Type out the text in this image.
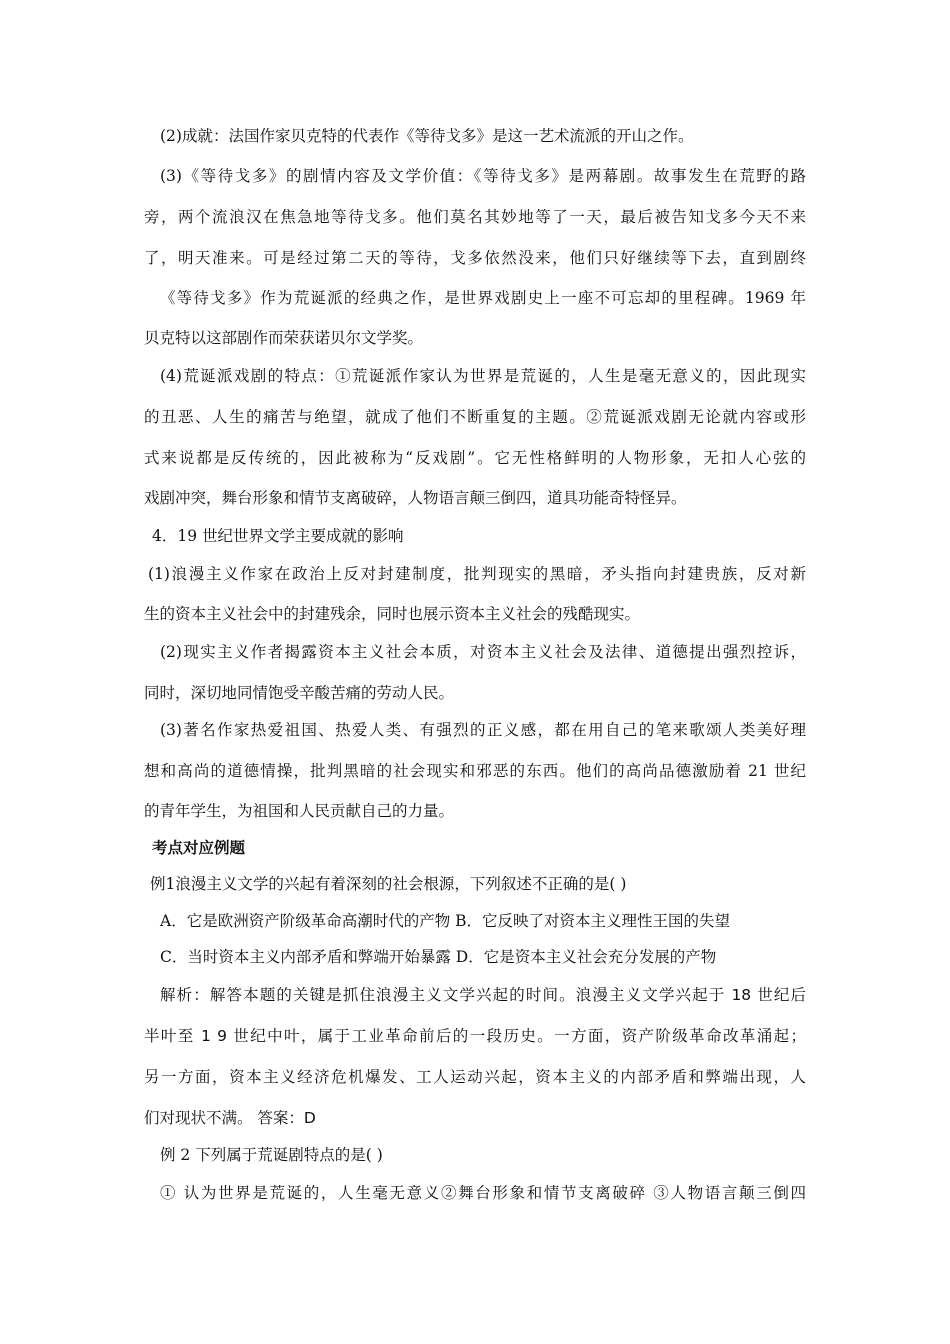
(2)成就：法国作家贝克特的代表作《等待戈多》是这一艺术流派的开山之作。
(3)《等待戈多》的剧情内容及文学价值：《等待戈多》是两幕剧。故事发生在荒野的路
旁，两个流浪汉在焦急地等待戈多。他们莫名其妙地等了一天，最后被告知戈多今天不来
了，明天准来。可是经过第二天的等待，戈多依然没来，他们只好继续等下去，直到剧终
《等待戈多》作为荒诞派的经典之作，是世界戏剧史上一座不可忘却的里程碑。1969 年
贝克特以这部剧作而荣获诺贝尔文学奖。
(4)荒诞派戏剧的特点：①荒诞派作家认为世界是荒诞的，人生是毫无意义的，因此现实
的丑恶、人生的痛苦与绝望，就成了他们不断重复的主题。②荒诞派戏剧无论就内容或形
式来说都是反传统的，因此被称为“反戏剧”。它无性格鲜明的人物形象，无扣人心弦的
戏剧冲突，舞台形象和情节支离破碎，人物语言颠三倒四，道具功能奇特怪异。
4．19 世纪世界文学主要成就的影响
(1)浪漫主义作家在政治上反对封建制度，批判现实的黑暗，矛头指向封建贵族，反对新
生的资本主义社会中的封建残余，同时也展示资本主义社会的残酷现实。
(2)现实主义作者揭露资本主义社会本质，对资本主义社会及法律、道德提出强烈控诉，
同时，深切地同情饱受辛酸苦痛的劳动人民。
(3)著名作家热爱祖国、热爱人类、有强烈的正义感，都在用自己的笔来歌颂人类美好理
想和高尚的道德情操，批判黑暗的社会现实和邪恶的东西。他们的高尚品德激励着 21 世纪
的青年学生，为祖国和人民贡献自己的力量。
考点对应例题
例1浪漫主义文学的兴起有着深刻的社会根源，下列叙述不正确的是( )
A．它是欧洲资产阶级革命高潮时代的产物 B．它反映了对资本主义理性王国的失望
C．当时资本主义内部矛盾和弊端开始暴露 D．它是资本主义社会充分发展的产物
解析：解答本题的关键是抓住浪漫主义文学兴起的时间。浪漫主义文学兴起于 18 世纪后
半叶至 1 9 世纪中叶，属于工业革命前后的一段历史。一方面，资产阶级革命改革涌起；
另一方面，资本主义经济危机爆发、工人运动兴起，资本主义的内部矛盾和弊端出现，人
们对现状不满。 答案：D
例 2 下列属于荒诞剧特点的是( )
① 认为世界是荒诞的，人生毫无意义②舞台形象和情节支离破碎 ③人物语言颠三倒四
